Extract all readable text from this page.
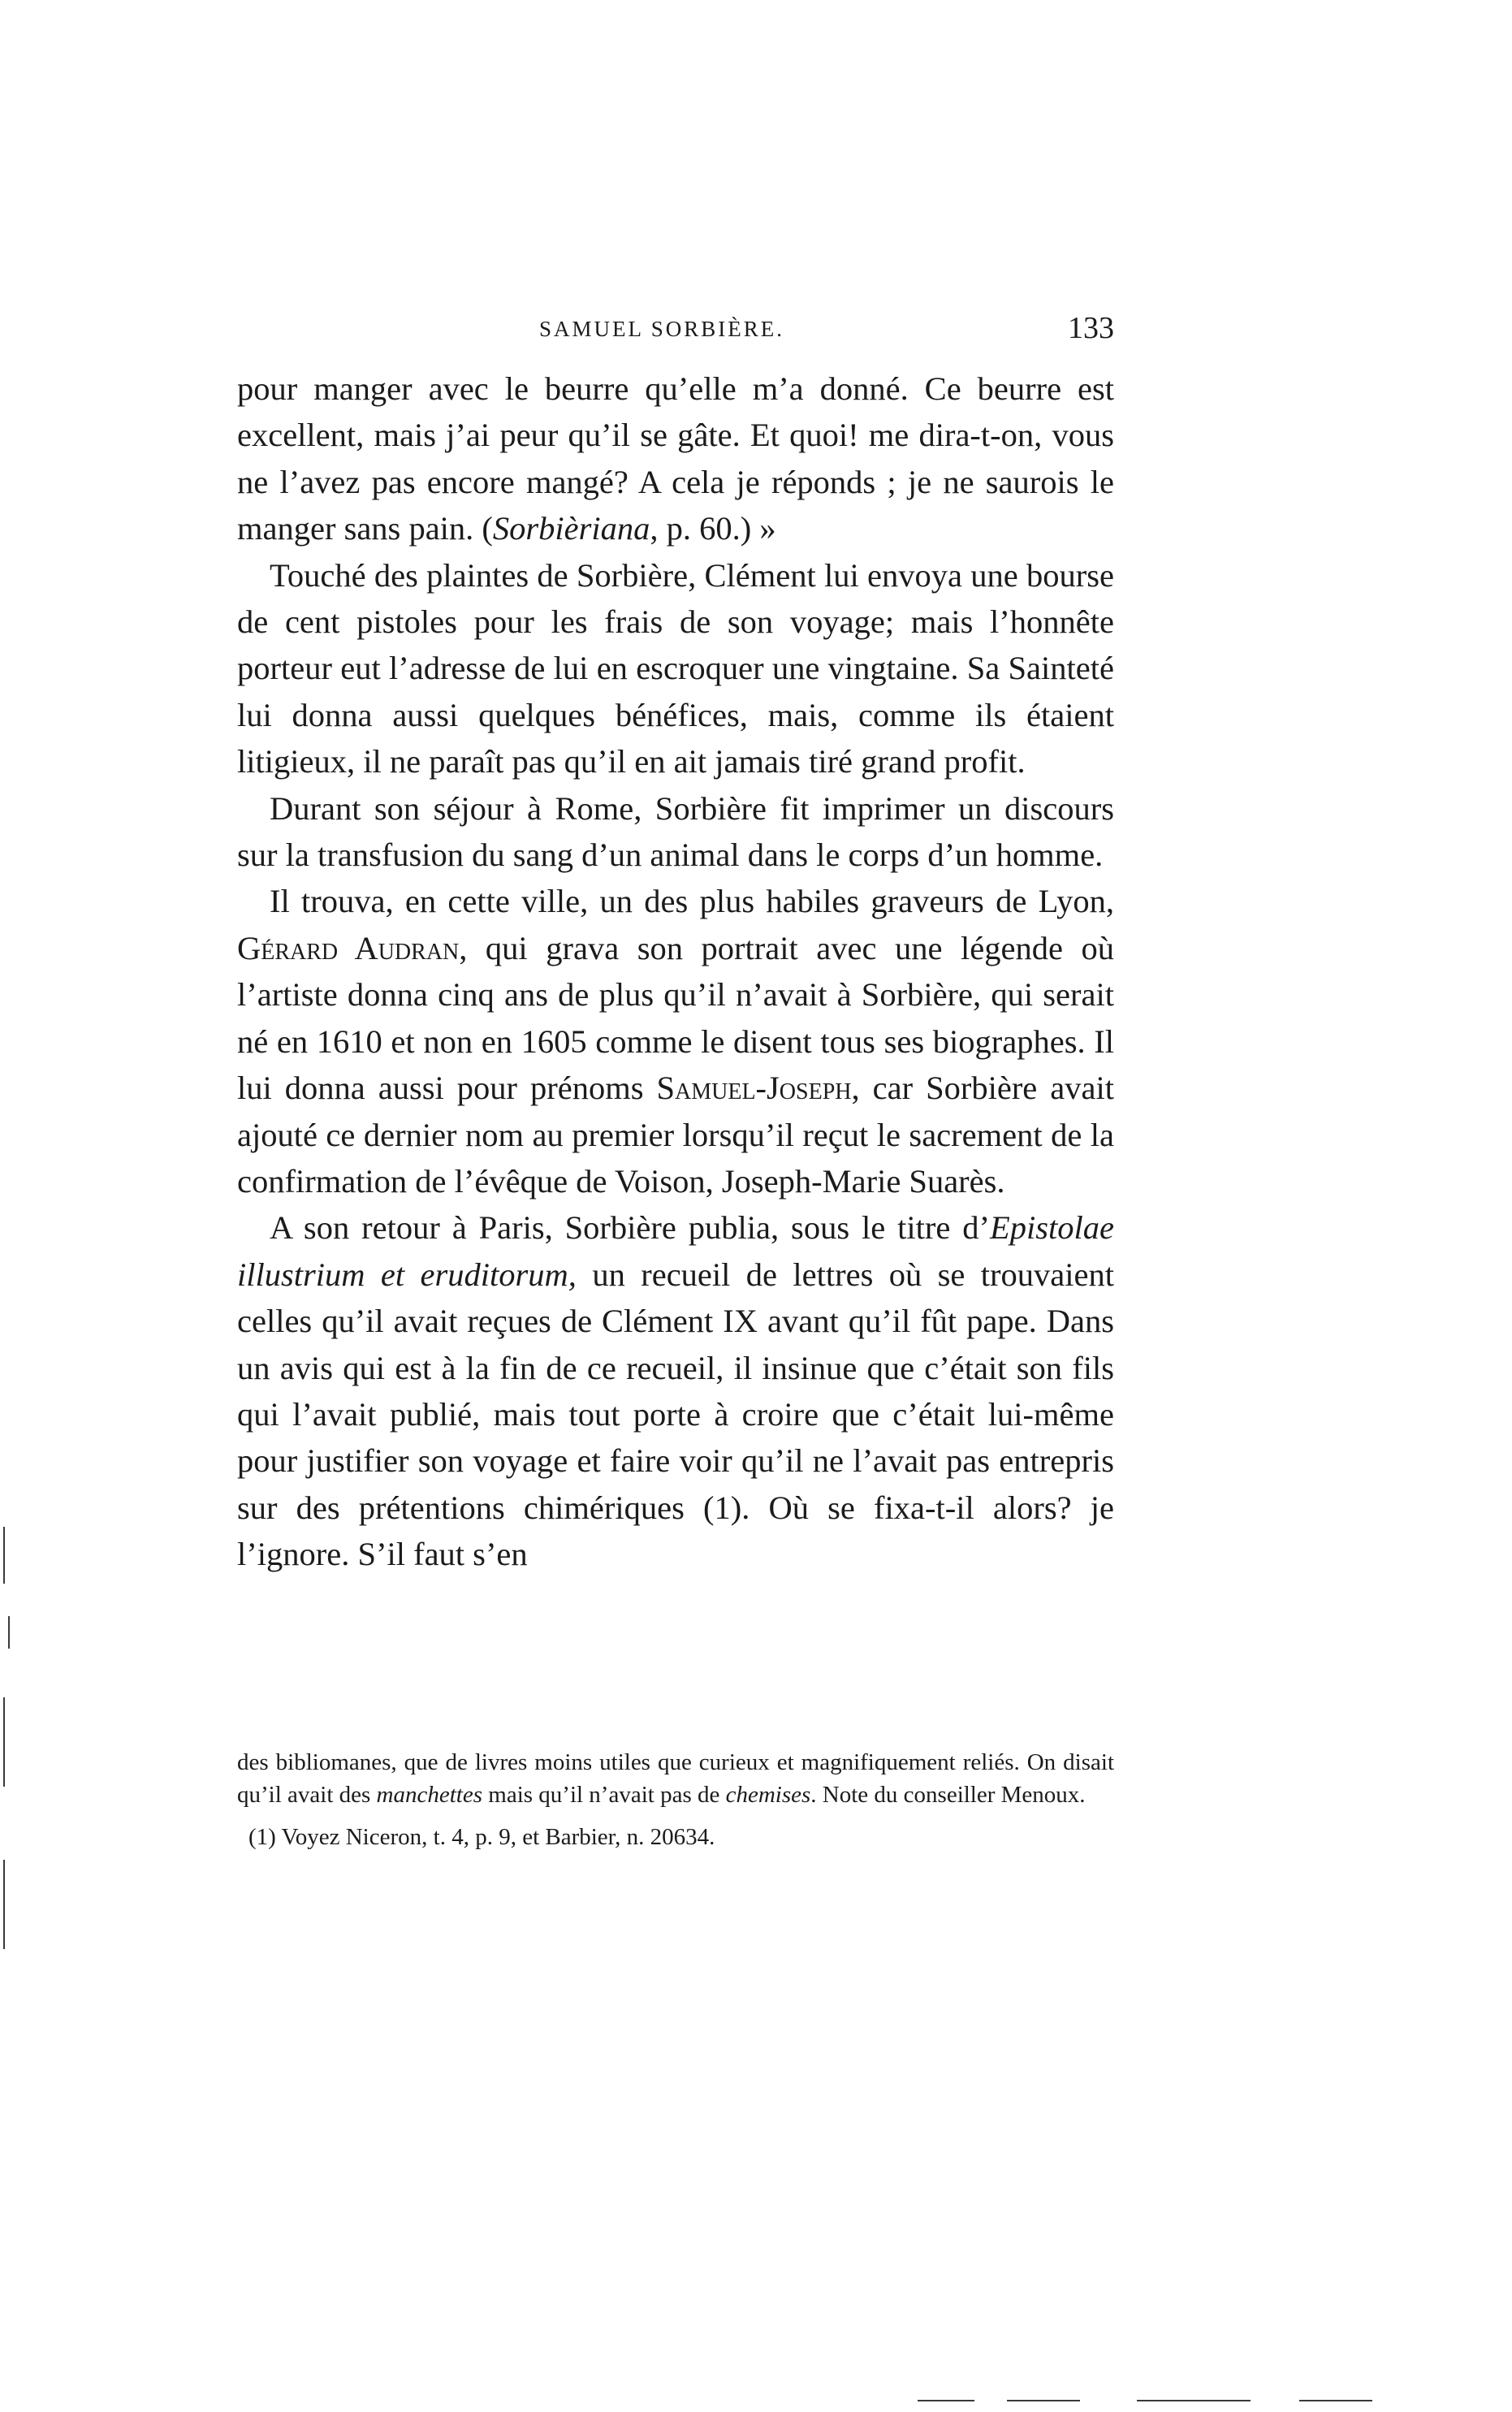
SAMUEL SORBIÈRE.	133

pour manger avec le beurre qu’elle m’a donné. Ce beurre est excellent, mais j’ai peur qu’il se gâte. Et quoi! me dira-t-on, vous ne l’avez pas encore mangé? A cela je réponds ; je ne saurois le manger sans pain. (Sorbièriana, p. 60.) »

Touché des plaintes de Sorbière, Clément lui envoya une bourse de cent pistoles pour les frais de son voyage; mais l’honnête porteur eut l’adresse de lui en escroquer une vingtaine. Sa Sainteté lui donna aussi quelques bénéfices, mais, comme ils étaient litigieux, il ne paraît pas qu’il en ait jamais tiré grand profit.

Durant son séjour à Rome, Sorbière fit imprimer un discours sur la transfusion du sang d’un animal dans le corps d’un homme.

Il trouva, en cette ville, un des plus habiles graveurs de Lyon, Gérard Audran, qui grava son portrait avec une légende où l’artiste donna cinq ans de plus qu’il n’avait à Sorbière, qui serait né en 1610 et non en 1605 comme le disent tous ses biographes. Il lui donna aussi pour prénoms Samuel-Joseph, car Sorbière avait ajouté ce dernier nom au premier lorsqu’il reçut le sacrement de la confirmation de l’évêque de Voison, Joseph-Marie Suarès.

A son retour à Paris, Sorbière publia, sous le titre d’Epistolae illustrium et eruditorum, un recueil de lettres où se trouvaient celles qu’il avait reçues de Clément IX avant qu’il fût pape. Dans un avis qui est à la fin de ce recueil, il insinue que c’était son fils qui l’avait publié, mais tout porte à croire que c’était lui-même pour justifier son voyage et faire voir qu’il ne l’avait pas entrepris sur des prétentions chimériques (1). Où se fixa-t-il alors? je l’ignore. S’il faut s’en

des bibliomanes, que de livres moins utiles que curieux et magnifiquement reliés. On disait qu’il avait des manchettes mais qu’il n’avait pas de chemises. Note du conseiller Menoux.

(1) Voyez Niceron, t. 4, p. 9, et Barbier, n. 20634.
